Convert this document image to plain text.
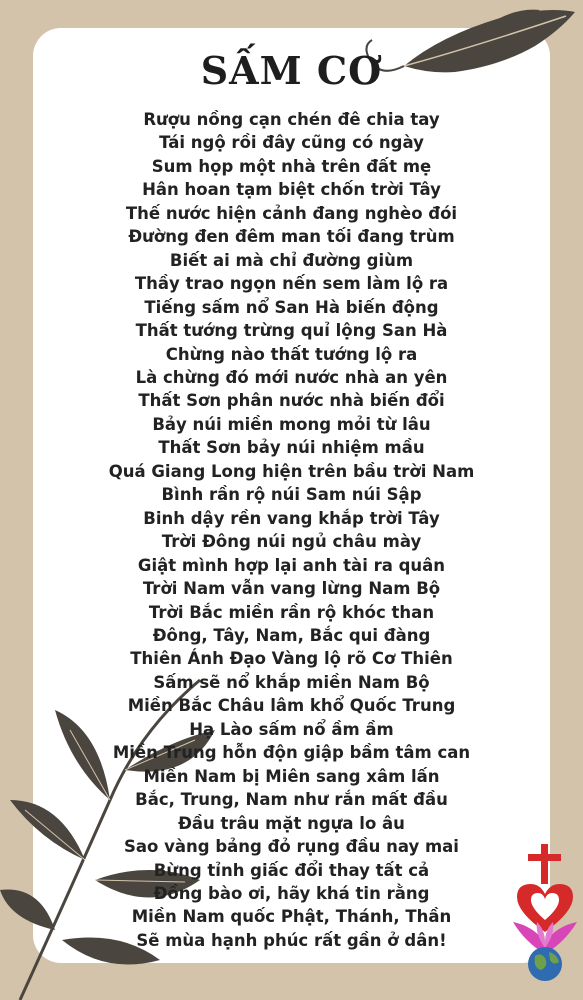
SẤM CƠ
Rượu nồng cạn chén đê chia tay
Tái ngộ rồi đây cũng có ngày
Sum họp một nhà trên đất mẹ
Hân hoan tạm biệt chốn trời Tây
Thế nước hiện cảnh đang nghèo đói
Đường đen đêm man tối đang trùm
Biết ai mà chỉ đường giùm
Thầy trao ngọn nến sem làm lộ ra
Tiếng sấm nổ San Hà biến động
Thất tướng trừng quỉ lộng San Hà
Chừng nào thất tướng lộ ra
Là chừng đó mới nước nhà an yên
Thất Sơn phân nước nhà biến đổi
Bảy núi miền mong mỏi từ lâu
Thất Sơn bảy núi nhiệm mầu
Quá Giang Long hiện trên bầu trời Nam
Bình rần rộ núi Sam núi Sập
Binh dậy rền vang khắp trời Tây
Trời Đông núi ngủ châu mày
Giật mình hợp lại anh tài ra quân
Trời Nam vẫn vang lừng Nam Bộ
Trời Bắc miền rần rộ khóc than
Đông, Tây, Nam, Bắc qui đàng
Thiên Ánh Đạo Vàng lộ rõ Cơ Thiên
Sấm sẽ nổ khắp miền Nam Bộ
Miền Bắc Châu lâm khổ Quốc Trung
Hạ Lào sấm nổ ầm ầm
Miền Trung hỗn độn giập bầm tâm can
Miền Nam bị Miên sang xâm lấn
Bắc, Trung, Nam như rắn mất đầu
Đầu trâu mặt ngựa lo âu
Sao vàng bảng đỏ rụng đầu nay mai
Bừng tỉnh giấc đổi thay tất cả
Đồng bào ơi, hãy khá tin rằng
Miền Nam quốc Phật, Thánh, Thần
Sẽ mùa hạnh phúc rất gần ở dân!
